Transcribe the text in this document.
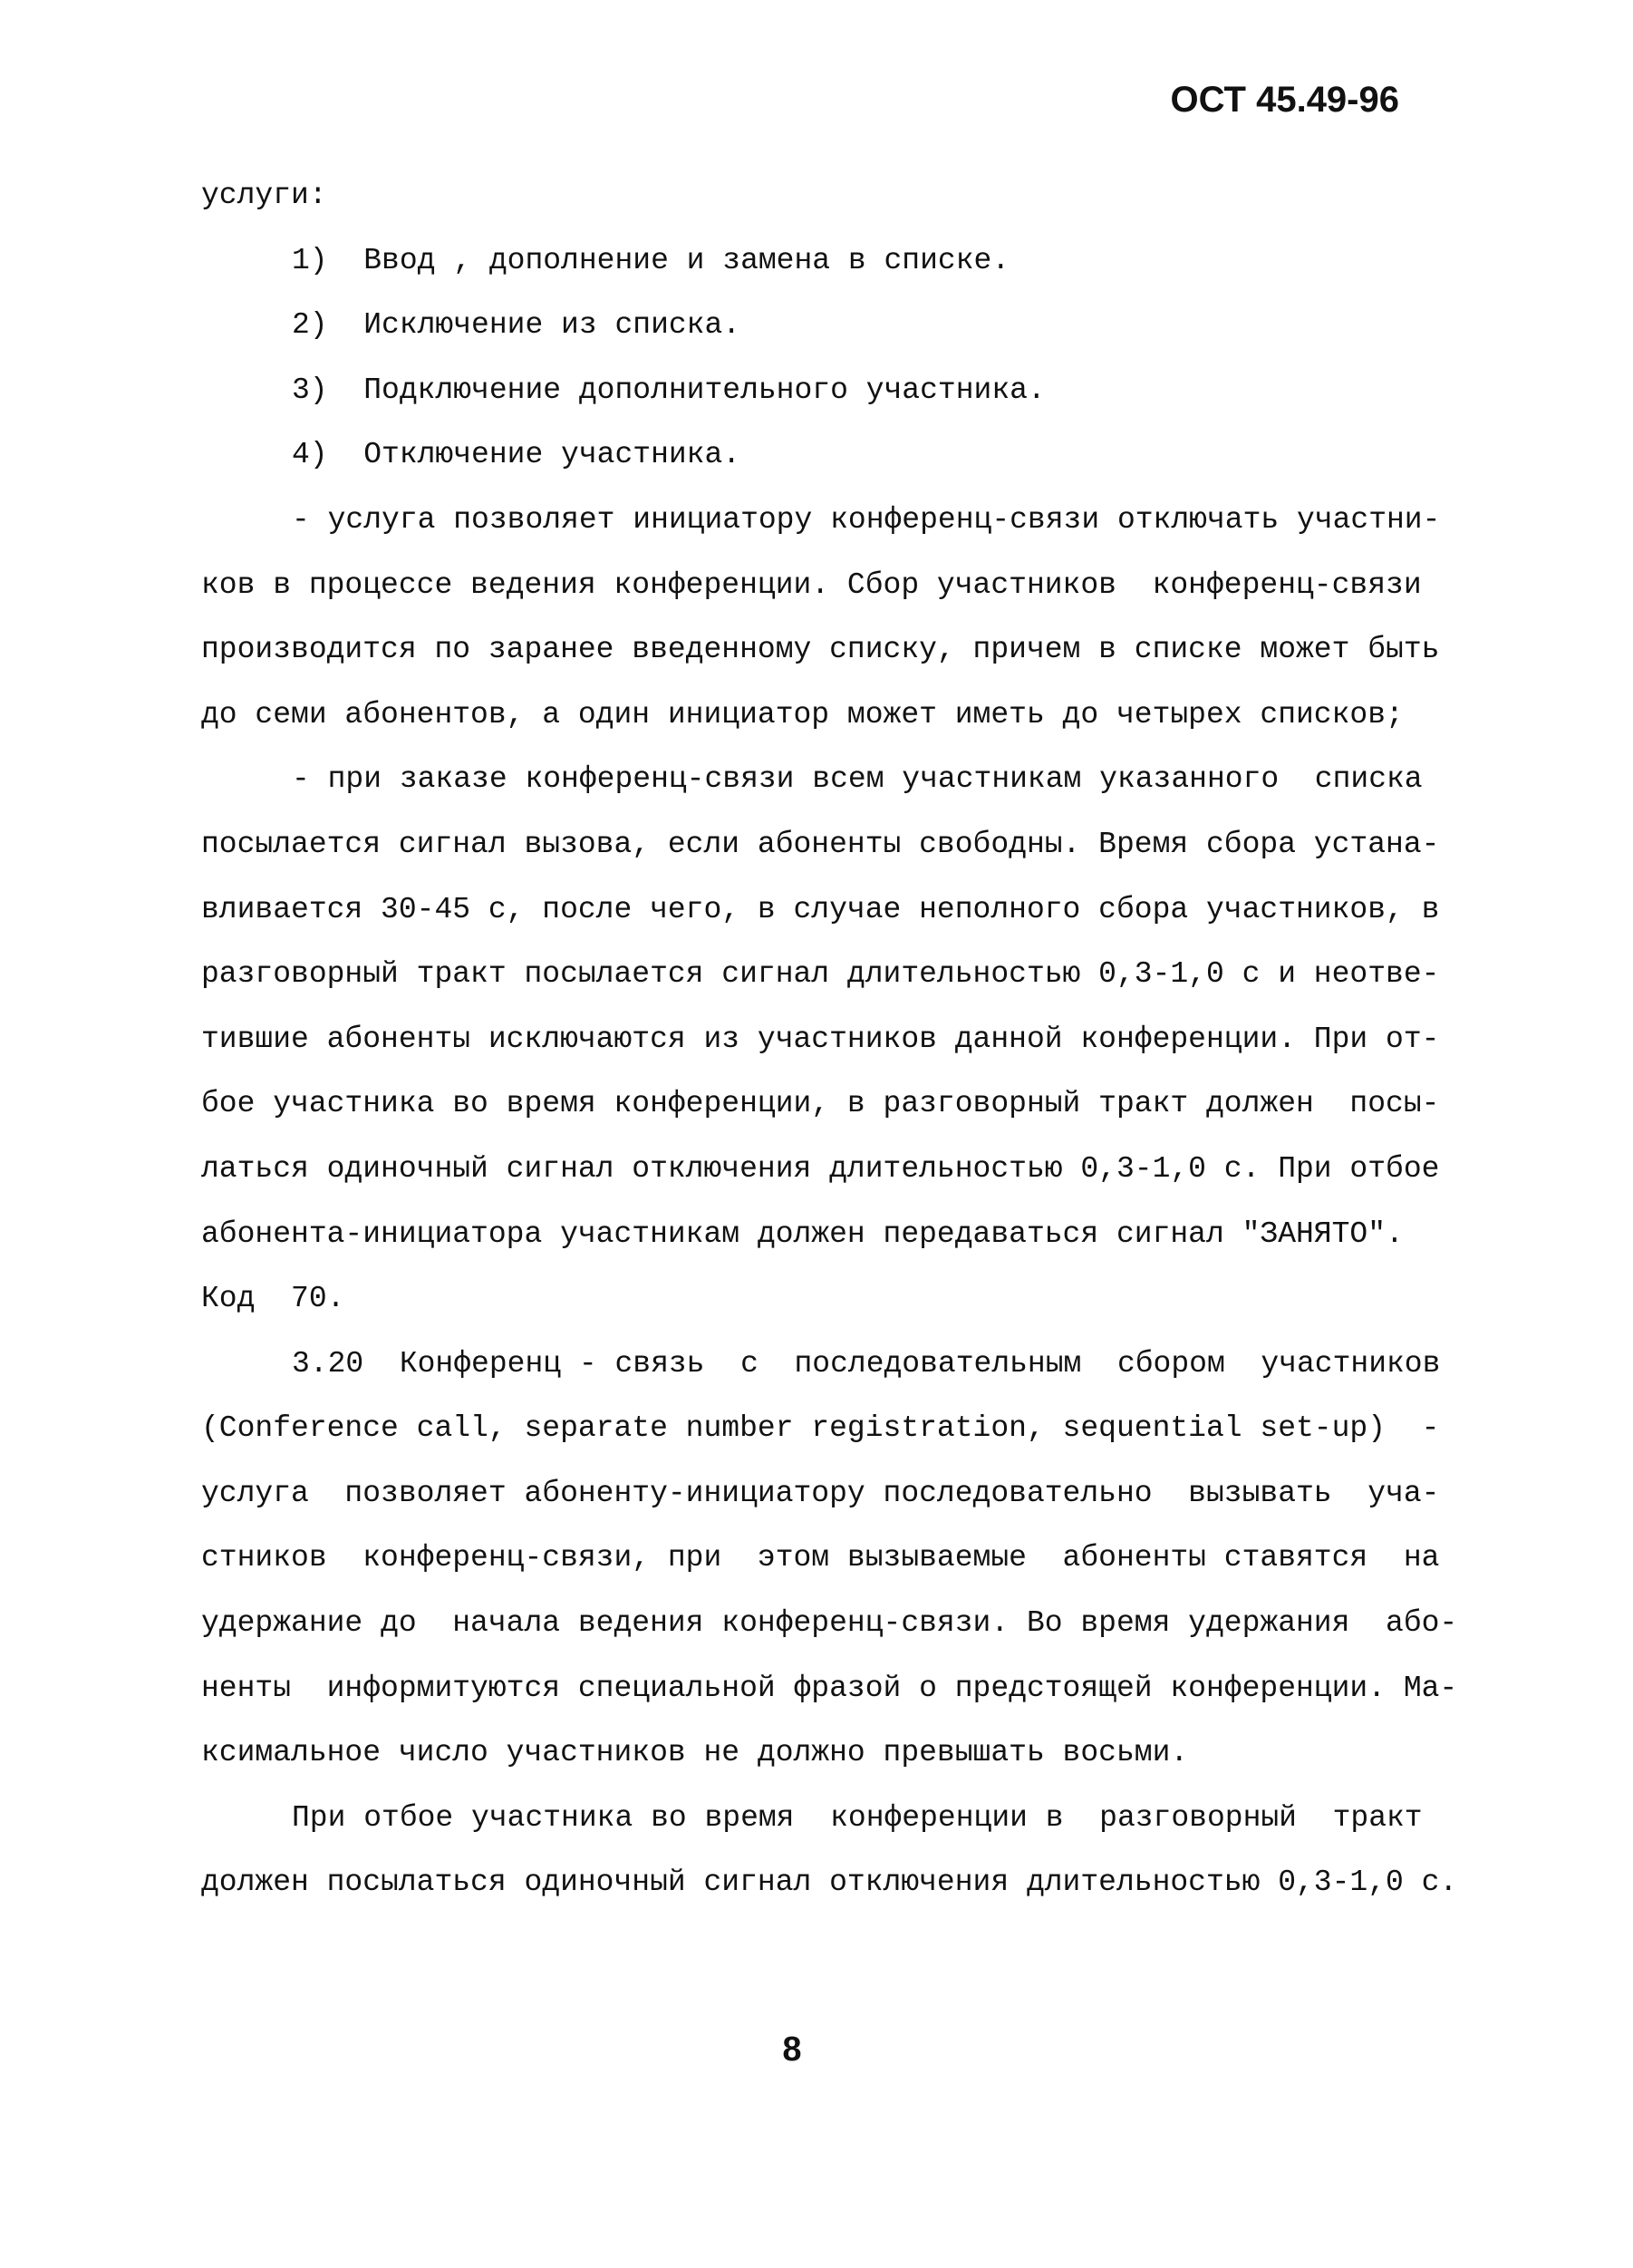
ОСТ 45.49-96
услуги:
1)  Ввод , дополнение и замена в списке.
2)  Исключение из списка.
3)  Подключение дополнительного участника.
4)  Отключение участника.
- услуга позволяет инициатору конференц-связи отключать участни-
ков в процессе ведения конференции. Сбор участников  конференц-связи
производится по заранее введенному списку, причем в списке может быть
до семи абонентов, а один инициатор может иметь до четырех списков;
- при заказе конференц-связи всем участникам указанного  списка
посылается сигнал вызова, если абоненты свободны. Время сбора устана-
вливается 30-45 с, после чего, в случае неполного сбора участников, в
разговорный тракт посылается сигнал длительностью 0,3-1,0 с и неотве-
тившие абоненты исключаются из участников данной конференции. При от-
бое участника во время конференции, в разговорный тракт должен  посы-
латься одиночный сигнал отключения длительностью 0,3-1,0 с. При отбое
абонента-инициатора участникам должен передаваться сигнал "ЗАНЯТО".
Код  70.
3.20  Конференц - связь  с  последовательным  сбором  участников
(Conference call, separate number registration, sequential set-up)  -
услуга  позволяет абоненту-инициатору последовательно  вызывать  уча-
стников  конференц-связи, при  этом вызываемые  абоненты ставятся  на
удержание до  начала ведения конференц-связи. Во время удержания  або-
ненты  информитуются специальной фразой о предстоящей конференции. Ма-
ксимальное число участников не должно превышать восьми.
При отбое участника во время  конференции в  разговорный  тракт
должен посылаться одиночный сигнал отключения длительностью 0,3-1,0 с.
8
